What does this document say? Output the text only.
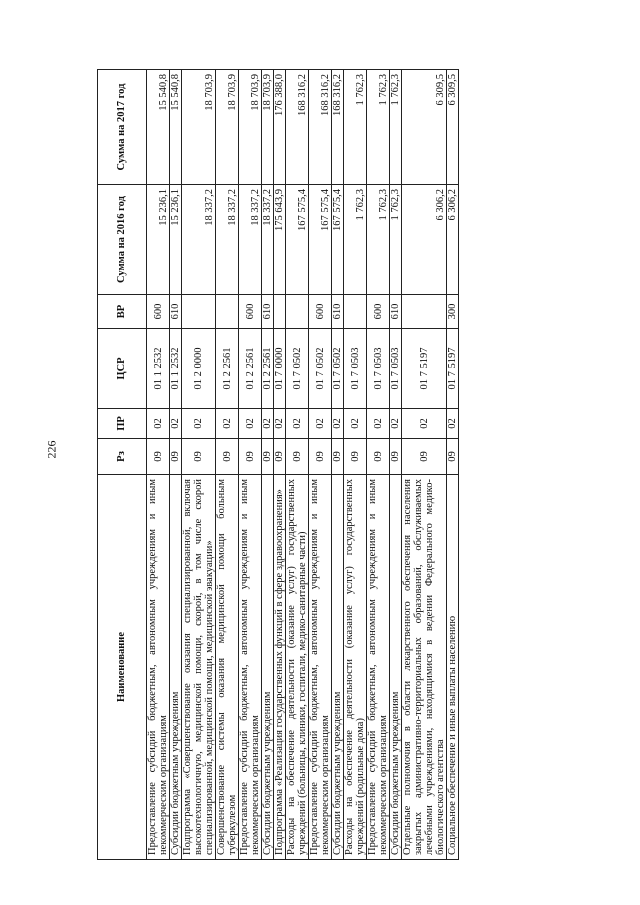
226
Наименование	Рз	ПР	ЦСР	ВР	Сумма на 2016 год	Сумма на 2017 год
Предоставление субсидий бюджетным, автономным учреждениям и иным некоммерческим организациям	09	02	01 1 2532	600	15 236,1	15 540,8
Субсидии бюджетным учреждениям	09	02	01 1 2532	610	15 236,1	15 540,8
Подпрограмма «Совершенствование оказания специализированной, включая высокотехнологичную, медицинской помощи, скорой, в том числе скорой специализированной, медицинской помощи, медицинской эвакуации»	09	02	01 2 0000		18 337,2	18 703,9
Совершенствование системы оказания медицинской помощи больным туберкулезом	09	02	01 2 2561		18 337,2	18 703,9
Предоставление субсидий бюджетным, автономным учреждениям и иным некоммерческим организациям	09	02	01 2 2561	600	18 337,2	18 703,9
Субсидии бюджетным учреждениям	09	02	01 2 2561	610	18 337,2	18 703,9
Подпрограмма «Реализация государственных функций в сфере здравоохранения»	09	02	01 7 0000		175 643,9	176 388,0
Расходы на обеспечение деятельности (оказание услуг) государственных учреждений (больницы, клиники, госпитали, медико-санитарные части)	09	02	01 7 0502		167 575,4	168 316,2
Предоставление субсидий бюджетным, автономным учреждениям и иным некоммерческим организациям	09	02	01 7 0502	600	167 575,4	168 316,2
Субсидии бюджетным учреждениям	09	02	01 7 0502	610	167 575,4	168 316,2
Расходы на обеспечение деятельности (оказание услуг) государственных учреждений (родильные дома)	09	02	01 7 0503		1 762,3	1 762,3
Предоставление субсидий бюджетным, автономным учреждениям и иным некоммерческим организациям	09	02	01 7 0503	600	1 762,3	1 762,3
Субсидии бюджетным учреждениям	09	02	01 7 0503	610	1 762,3	1 762,3
Отдельные полномочия в области лекарственного обеспечения населения закрытых административно-территориальных образований, обслуживаемых лечебными учреждениями, находящимися в ведении Федерального медико-биологического агентства	09	02	01 7 5197		6 306,2	6 309,5
Социальное обеспечение и иные выплаты населению	09	02	01 7 5197	300	6 306,2	6 309,5
